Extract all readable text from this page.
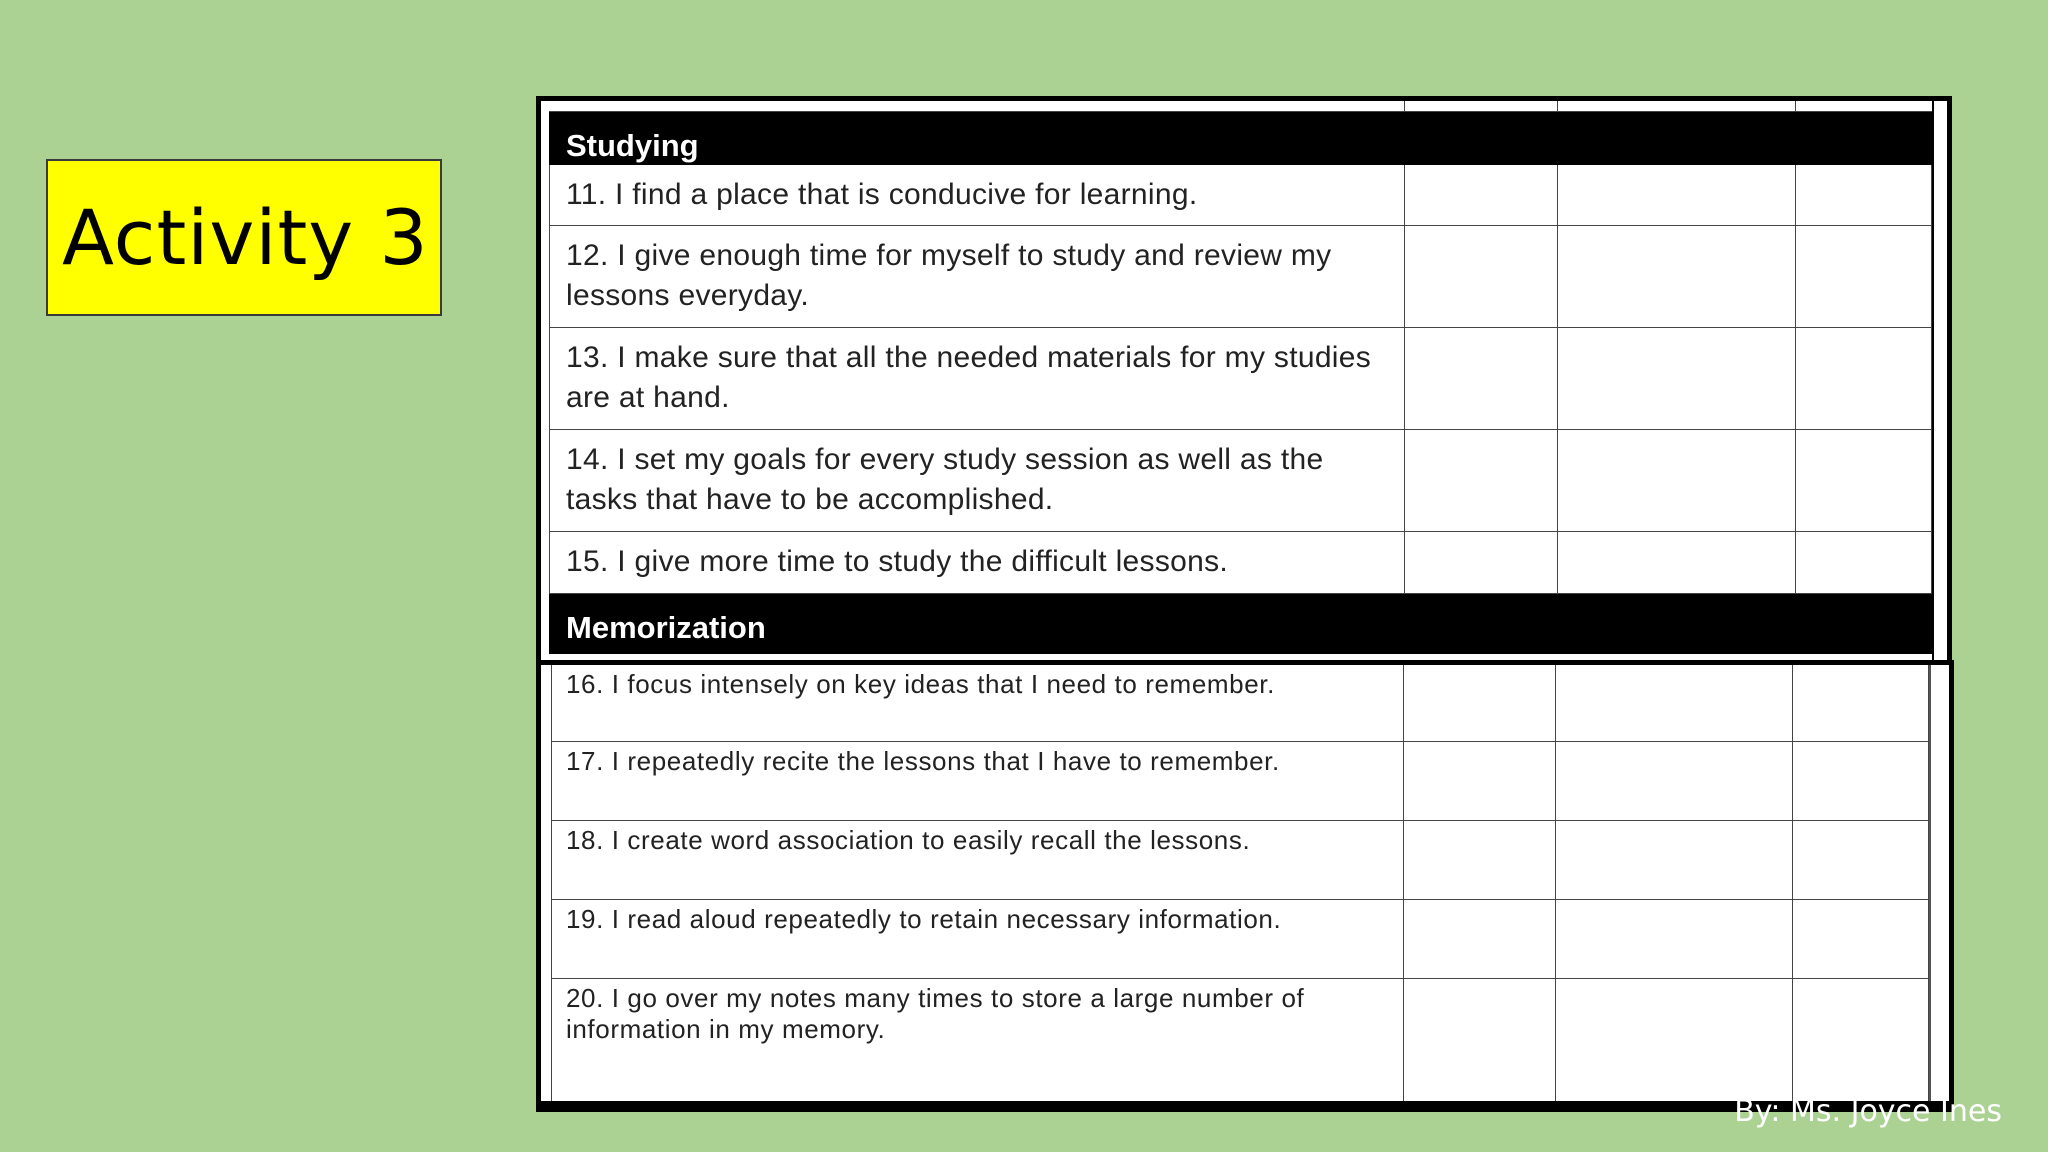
Activity 3

Studying			
11. I find a place that is conducive for learning.			
12. I give enough time for myself to study and review my lessons everyday.			
13. I make sure that all the needed materials for my studies are at hand.			
14. I set my goals for every study session as well as the tasks that have to be accomplished.			
15. I give more time to study the difficult lessons.			
Memorization			
16. I focus intensely on key ideas that I need to remember.			
17. I repeatedly recite the lessons that I have to remember.			
18. I create word association to easily recall the lessons.			
19. I read aloud repeatedly to retain necessary information.			
20. I go over my notes many times to store a large number of information in my memory.			
By: Ms. Joyce Ines
